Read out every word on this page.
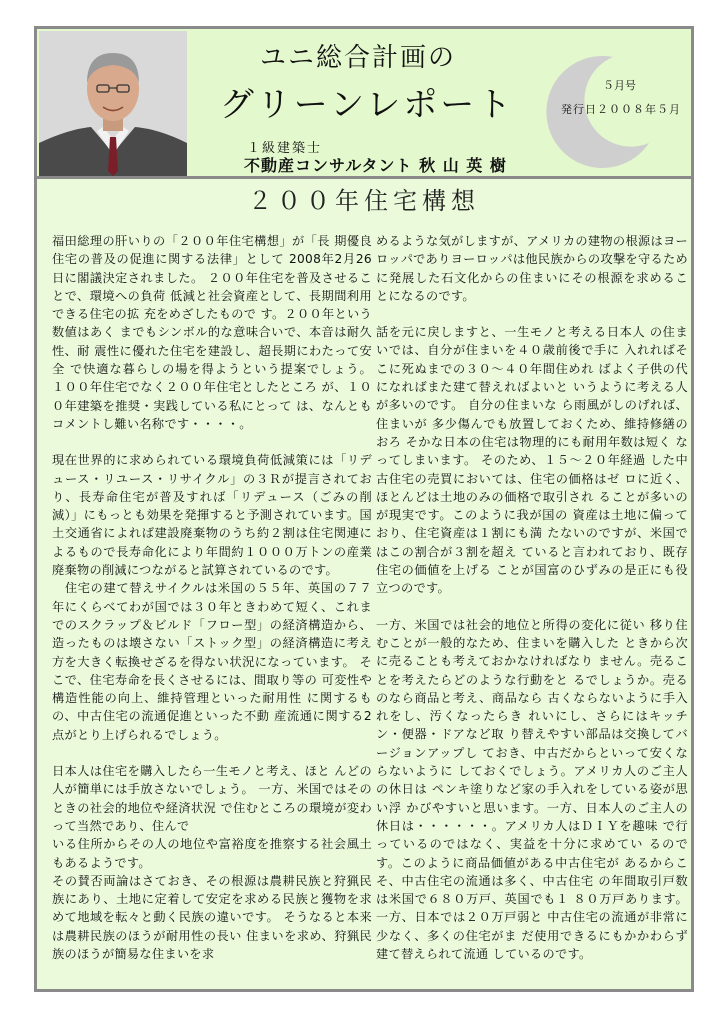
ユニ総合計画の
グリーンレポート
１級建築士
不動産コンサルタント 秋 山 英 樹
５月号
発行日２００８年５月
２００年住宅構想

福田総理の肝いりの「２００年住宅構想」が「長 期優良住宅の普及の促進に関する法律」として 2008年2月26日に閣議決定されました。 ２００年住宅を普及させることで、環境への負荷 低減と社会資産として、長期間利用できる住宅の拡 充をめざしたもので す。２００年という数値はあく までもシンボル的な意味合いで、本音は耐久性、耐 震性に優れた住宅を建設し、超長期にわたって安全 で快適な暮らしの場を得ようという提案でしょう。 １００年住宅でなく２００年住宅としたところ が、１００年建築を推奨・実践している私にとって は、なんともコメントし難い名称です・・・・。

現在世界的に求められている環境負荷低減策には「リデュース・リユース・リサイクル」の３Ｒが提言されており、長寿命住宅が普及すれば「リデュース（ごみの削減）」にもっとも効果を発揮すると予測されています。国土交通省によれば建設廃棄物のうち約２割は住宅関連によるもので長寿命化により年間約１０００万トンの産業廃棄物の削減につながると試算されているのです。
　住宅の建て替えサイクルは米国の５５年、英国の７７年にくらべてわが国では３０年ときわめて短く、これまでのスクラップ＆ビルド「フロー型」の経済構造から、造ったものは壊さない「ストック型」の経済構造に考え方を大きく転換せざるを得ない状況になっています。 そこで、住宅寿命を長くさせるには、間取り等の 可変性や構造性能の向上、維持管理といった耐用性 に関するもの、中古住宅の流通促進といった不動 産流通に関する2点がとり上げられるでしょう。

日本人は住宅を購入したら一生モノと考え、ほと んどの人が簡単には手放さないでしょう。 一方、米国ではそのときの社会的地位や経済状況 で住むところの環境が変わって当然であり、住んで
いる住所からその人の地位や富裕度を推察する社会風土もあるようです。
その賛否両論はさておき、その根源は農耕民族と狩猟民族にあり、土地に定着して安定を求める民族と獲物を求めて地域を転々と動く民族の違いです。 そうなると本来は農耕民族のほうが耐用性の長い 住まいを求め、狩猟民族のほうが簡易な住まいを求

めるような気がしますが、アメリカの建物の根源はヨーロッパでありヨーロッパは他民族からの攻撃を守るために発展した石文化からの住まいにその根源を求めることになるのです。

話を元に戻しますと、一生モノと考える日本人 の住まいでは、自分が住まいを４０歳前後で手に 入れればそこに死ぬまでの３０～４０年間住めれ ばよく子供の代になればまた建て替えればよいと いうように考える人が多いのです。 自分の住まいな ら雨風がしのげれば、住まいが 多少傷んでも放置しておくため、維持修繕のおろ そかな日本の住宅は物理的にも耐用年数は短く なってしまいます。 そのため、１５～２０年経過 した中古住宅の売買においては、住宅の価格はゼ ロに近く、ほとんどは土地のみの価格で取引され ることが多いのが現実です。このように我が国の 資産は土地に偏っており、住宅資産は１割にも満 たないのですが、米国ではこの割合が３割を超え ていると言われており、既存住宅の価値を上げる ことが国富のひずみの是正にも役立つのです。

一方、米国では社会的地位と所得の変化に従い 移り住むことが一般的なため、住まいを購入した ときから次に売ることも考えておかなければなり ません。売ることを考えたらどのような行動をと るでしょうか。売るのなら商品と考え、商品なら 古くならないように手入れをし、汚くなったらき れいにし、さらにはキッチン・便器・ドアなど取 り替えやすい部品は交換してバージョンアップし ておき、中古だからといって安くならないように しておくでしょう。アメリカ人のご主人の休日は ペンキ塗りなど家の手入れをしている姿が思い浮 かびやすいと思います。一方、日本人のご主人の 休日は・・・・・・。アメリカ人はＤＩＹを趣味 で行っているのではなく、実益を十分に求めてい るのです。このように商品価値がある中古住宅が あるからこそ、中古住宅の流通は多く、中古住宅 の年間取引戸数は米国で６８０万戸、英国でも１ ８０万戸あります。一方、日本では２０万戸弱と 中古住宅の流通が非常に少なく、多くの住宅がま だ使用できるにもかかわらず建て替えられて流通 しているのです。
